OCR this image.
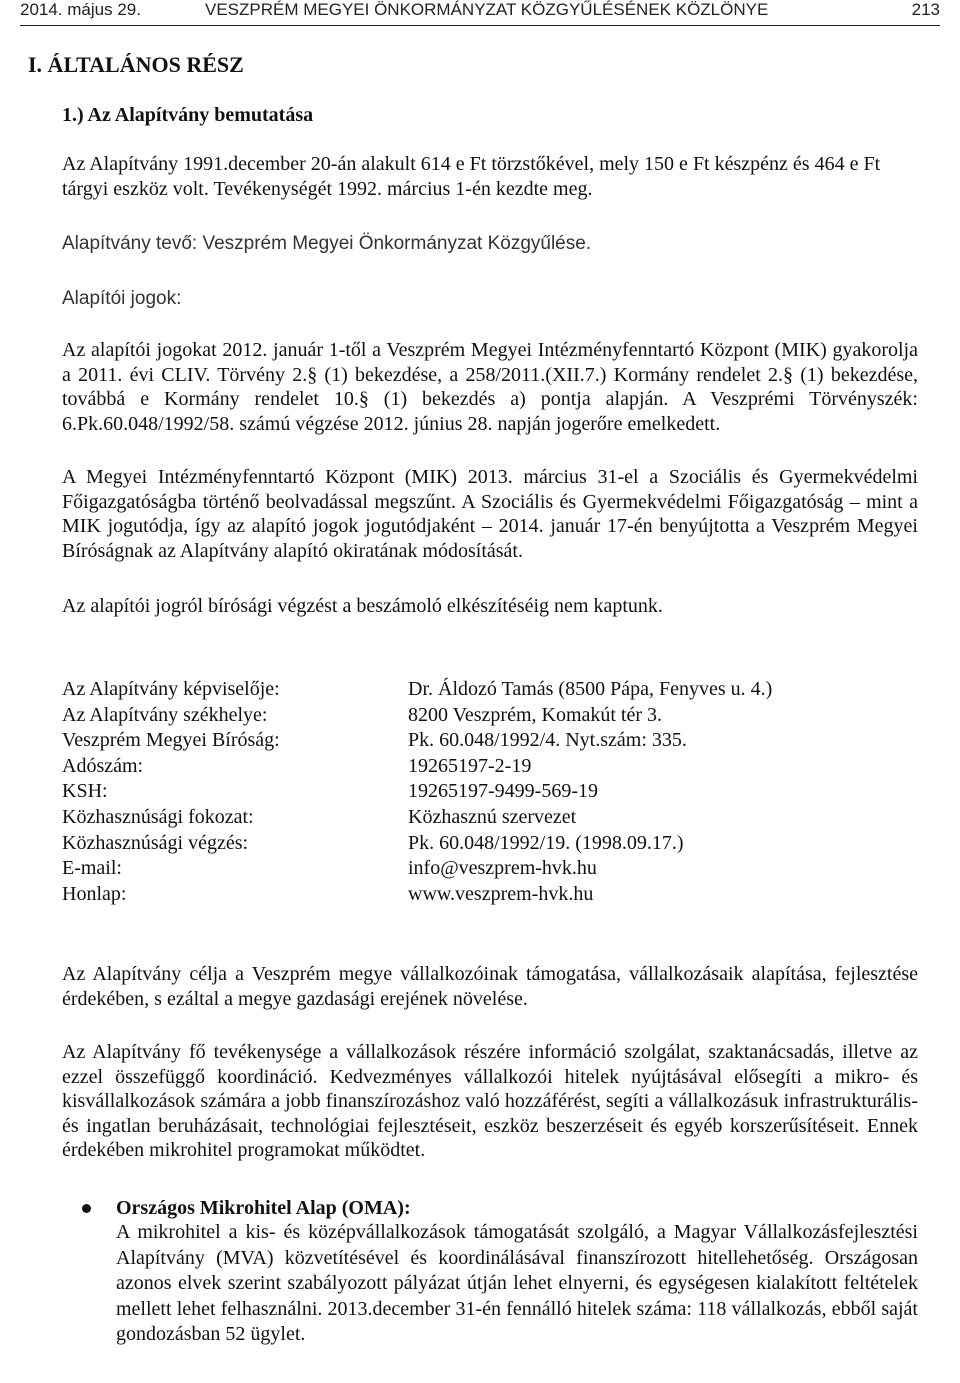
2014. május 29.	VESZPRÉM MEGYEI ÖNKORMÁNYZAT KÖZGYŰLÉSÉNEK KÖZLÖNYE	213
I. ÁLTALÁNOS RÉSZ
1.) Az Alapítvány bemutatása
Az Alapítvány 1991.december 20-án alakult 614 e Ft törzstőkével, mely 150 e Ft készpénz és 464 e Ft tárgyi eszköz volt. Tevékenységét 1992. március 1-én kezdte meg.
Alapítvány tevő: Veszprém Megyei Önkormányzat Közgyűlése.
Alapítói jogok:
Az alapítói jogokat 2012. január 1-től a Veszprém Megyei Intézményfenntartó Központ (MIK) gyakorolja a 2011. évi CLIV. Törvény 2.§ (1) bekezdése, a 258/2011.(XII.7.) Kormány rendelet 2.§ (1) bekezdése, továbbá e Kormány rendelet 10.§ (1) bekezdés a) pontja alapján. A Veszprémi Törvényszék: 6.Pk.60.048/1992/58. számú végzése 2012. június 28. napján jogerőre emelkedett.
A Megyei Intézményfenntartó Központ (MIK) 2013. március 31-el a Szociális és Gyermekvédelmi Főigazgatóságba történő beolvadással megszűnt. A Szociális és Gyermekvédelmi Főigazgatóság – mint a MIK jogutódja, így az alapító jogok jogutódjaként – 2014. január 17-én benyújtotta a Veszprém Megyei Bíróságnak az Alapítvány alapító okiratának módosítását.
Az alapítói jogról bírósági végzést a beszámoló elkészítéséig nem kaptunk.
Az Alapítvány képviselője:	Dr. Áldozó Tamás (8500 Pápa, Fenyves u. 4.)
Az Alapítvány székhelye:	8200 Veszprém, Komakút tér 3.
Veszprém Megyei Bíróság:	Pk. 60.048/1992/4. Nyt.szám: 335.
Adószám:	19265197-2-19
KSH:	19265197-9499-569-19
Közhasznúsági fokozat:	Közhasznú szervezet
Közhasznúsági végzés:	Pk. 60.048/1992/19. (1998.09.17.)
E-mail:	info@veszprem-hvk.hu
Honlap:	www.veszprem-hvk.hu
Az Alapítvány célja a Veszprém megye vállalkozóinak támogatása, vállalkozásaik alapítása, fejlesztése érdekében, s ezáltal a megye gazdasági erejének növelése.
Az Alapítvány fő tevékenysége a vállalkozások részére információ szolgálat, szaktanácsadás, illetve az ezzel összefüggő koordináció. Kedvezményes vállalkozói hitelek nyújtásával elősegíti a mikro- és kisvállalkozások számára a jobb finanszírozáshoz való hozzáférést, segíti a vállalkozásuk infrastrukturális- és ingatlan beruházásait, technológiai fejlesztéseit, eszköz beszerzéseit és egyéb korszerűsítéseit. Ennek érdekében mikrohitel programokat működtet.
Országos Mikrohitel Alap (OMA):
A mikrohitel a kis- és középvállalkozások támogatását szolgáló, a Magyar Vállalkozásfejlesztési Alapítvány (MVA) közvetítésével és koordinálásával finanszírozott hitellehetőség. Országosan azonos elvek szerint szabályozott pályázat útján lehet elnyerni, és egységesen kialakított feltételek mellett lehet felhasználni. 2013.december 31-én fennálló hitelek száma: 118 vállalkozás, ebből saját gondozásban 52 ügylet.
